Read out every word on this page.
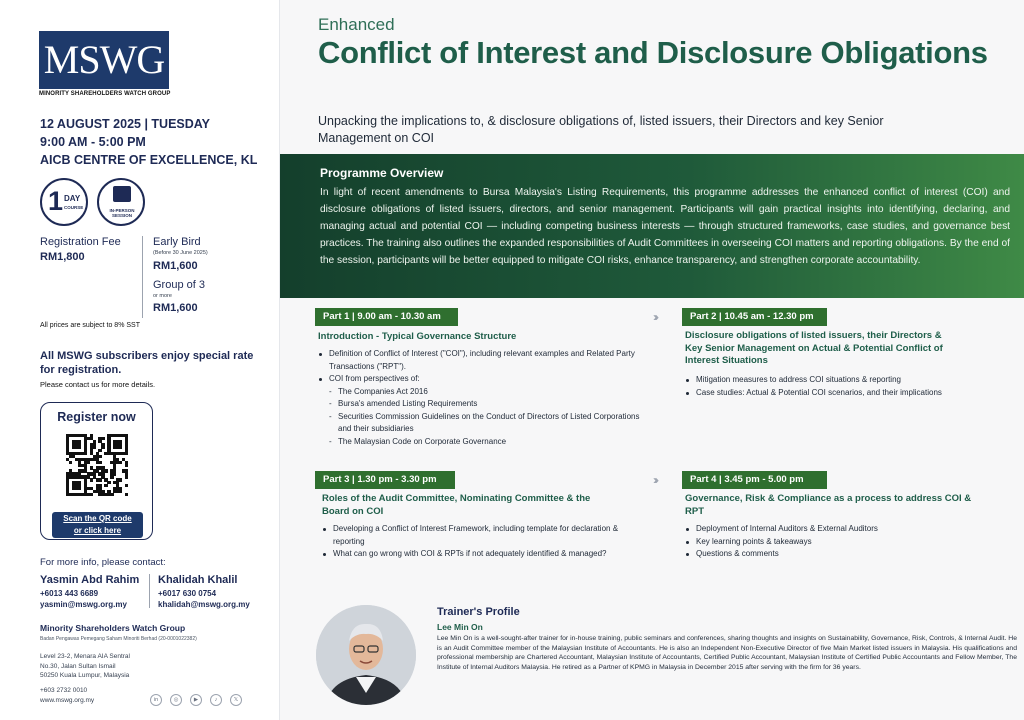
MSWG
MINORITY SHAREHOLDERS WATCH GROUP
12 AUGUST 2025 | TUESDAY
9:00 AM - 5:00 PM
AICB CENTRE OF EXCELLENCE, KL
1 DAY
COURSE
IN-PERSON SESSION
Registration Fee
RM1,800
Early Bird
(Before 30 June 2025)
RM1,600
Group of 3
or more
RM1,600
All prices are subject to 8% SST
All MSWG subscribers enjoy special rate for registration.
Please contact us for more details.
Register now
Scan the QR code
or click here
For more info, please contact:
Yasmin Abd Rahim
+6013 443 6689
yasmin@mswg.org.my
Khalidah Khalil
+6017 630 0754
khalidah@mswg.org.my
Minority Shareholders Watch Group
Badan Pengawas Pemegang Saham Minoriti Berhad (20-0001022382)
Level 23-2, Menara AIA Sentral
No.30, Jalan Sultan Ismail
50250 Kuala Lumpur, Malaysia
+603 2732 0010
www.mswg.org.my	in	◎	▶	♪	𝕏
Enhanced
Conflict of Interest and Disclosure Obligations
Unpacking the implications to, & disclosure obligations of, listed issuers, their Directors and key Senior Management on COI
Programme Overview
In light of recent amendments to Bursa Malaysia's Listing Requirements, this programme addresses the enhanced conflict of interest (COI) and disclosure obligations of listed issuers, directors, and senior management. Participants will gain practical insights into identifying, declaring, and managing actual and potential COI — including competing business interests — through structured frameworks, case studies, and governance best practices. The training also outlines the expanded responsibilities of Audit Committees in overseeing COI matters and reporting obligations. By the end of the session, participants will be better equipped to mitigate COI risks, enhance transparency, and strengthen corporate accountability.
Part 1 | 9.00 am - 10.30 am	›››
Introduction - Typical Governance Structure
Definition of Conflict of Interest ("COI"), including relevant examples and Related Party Transactions ("RPT").
COI from perspectives of:
- The Companies Act 2016
- Bursa's amended Listing Requirements
- Securities Commission Guidelines on the Conduct of Directors of Listed Corporations and their subsidiaries
- The Malaysian Code on Corporate Governance
Part 2 | 10.45 am - 12.30 pm
Disclosure obligations of listed issuers, their Directors & Key Senior Management on Actual & Potential Conflict of Interest Situations
Mitigation measures to address COI situations & reporting
Case studies: Actual & Potential COI scenarios, and their implications
Part 3 | 1.30 pm - 3.30 pm	›››
Roles of the Audit Committee, Nominating Committee & the Board on COI
Developing a Conflict of Interest Framework, including template for declaration & reporting
What can go wrong with COI & RPTs if not adequately identified & managed?
Part 4 | 3.45 pm - 5.00 pm
Governance, Risk & Compliance as a process to address COI & RPT
Deployment of Internal Auditors & External Auditors
Key learning points & takeaways
Questions & comments
Trainer's Profile
Lee Min On
Lee Min On is a well-sought-after trainer for in-house training, public seminars and conferences, sharing thoughts and insights on Sustainability, Governance, Risk, Controls, & Internal Audit. He is an Audit Committee member of the Malaysian Institute of Accountants. He is also an Independent Non-Executive Director of five Main Market listed issuers in Malaysia. His qualifications and professional membership are Chartered Accountant, Malaysian Institute of Accountants, Certified Public Accountant, Malaysian Institute of Certified Public Accountants and Fellow Member, The Institute of Internal Auditors Malaysia. He retired as a Partner of KPMG in Malaysia in December 2015 after serving with the firm for 36 years.
